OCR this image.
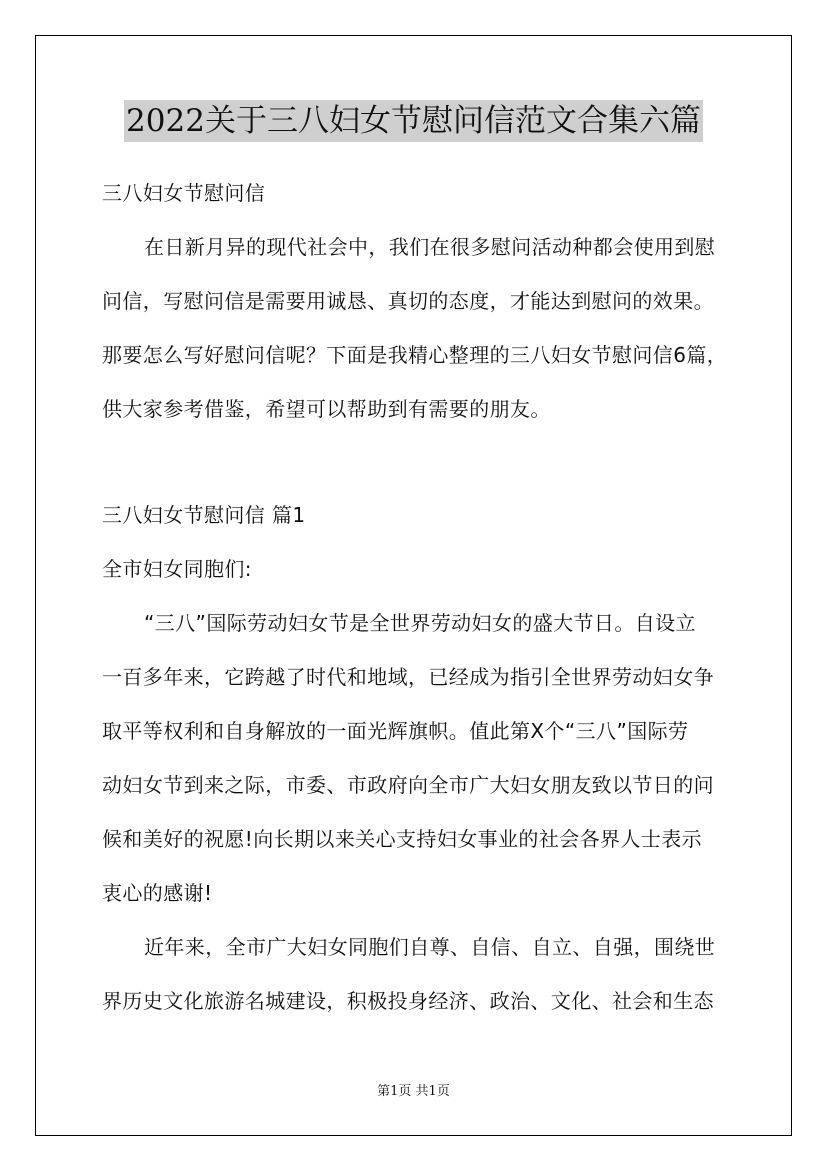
2022关于三八妇女节慰问信范文合集六篇
三八妇女节慰问信
在日新月异的现代社会中，我们在很多慰问活动种都会使用到慰
问信，写慰问信是需要用诚恳、真切的态度，才能达到慰问的效果。
那要怎么写好慰问信呢？下面是我精心整理的三八妇女节慰问信6篇，
供大家参考借鉴，希望可以帮助到有需要的朋友。
三八妇女节慰问信 篇1
全市妇女同胞们:
“三八”国际劳动妇女节是全世界劳动妇女的盛大节日。自设立
一百多年来，它跨越了时代和地域，已经成为指引全世界劳动妇女争
取平等权利和自身解放的一面光辉旗帜。值此第X个“三八”国际劳
动妇女节到来之际，市委、市政府向全市广大妇女朋友致以节日的问
候和美好的祝愿!向长期以来关心支持妇女事业的社会各界人士表示
衷心的感谢!
近年来，全市广大妇女同胞们自尊、自信、自立、自强，围绕世
界历史文化旅游名城建设，积极投身经济、政治、文化、社会和生态
第1页 共1页
